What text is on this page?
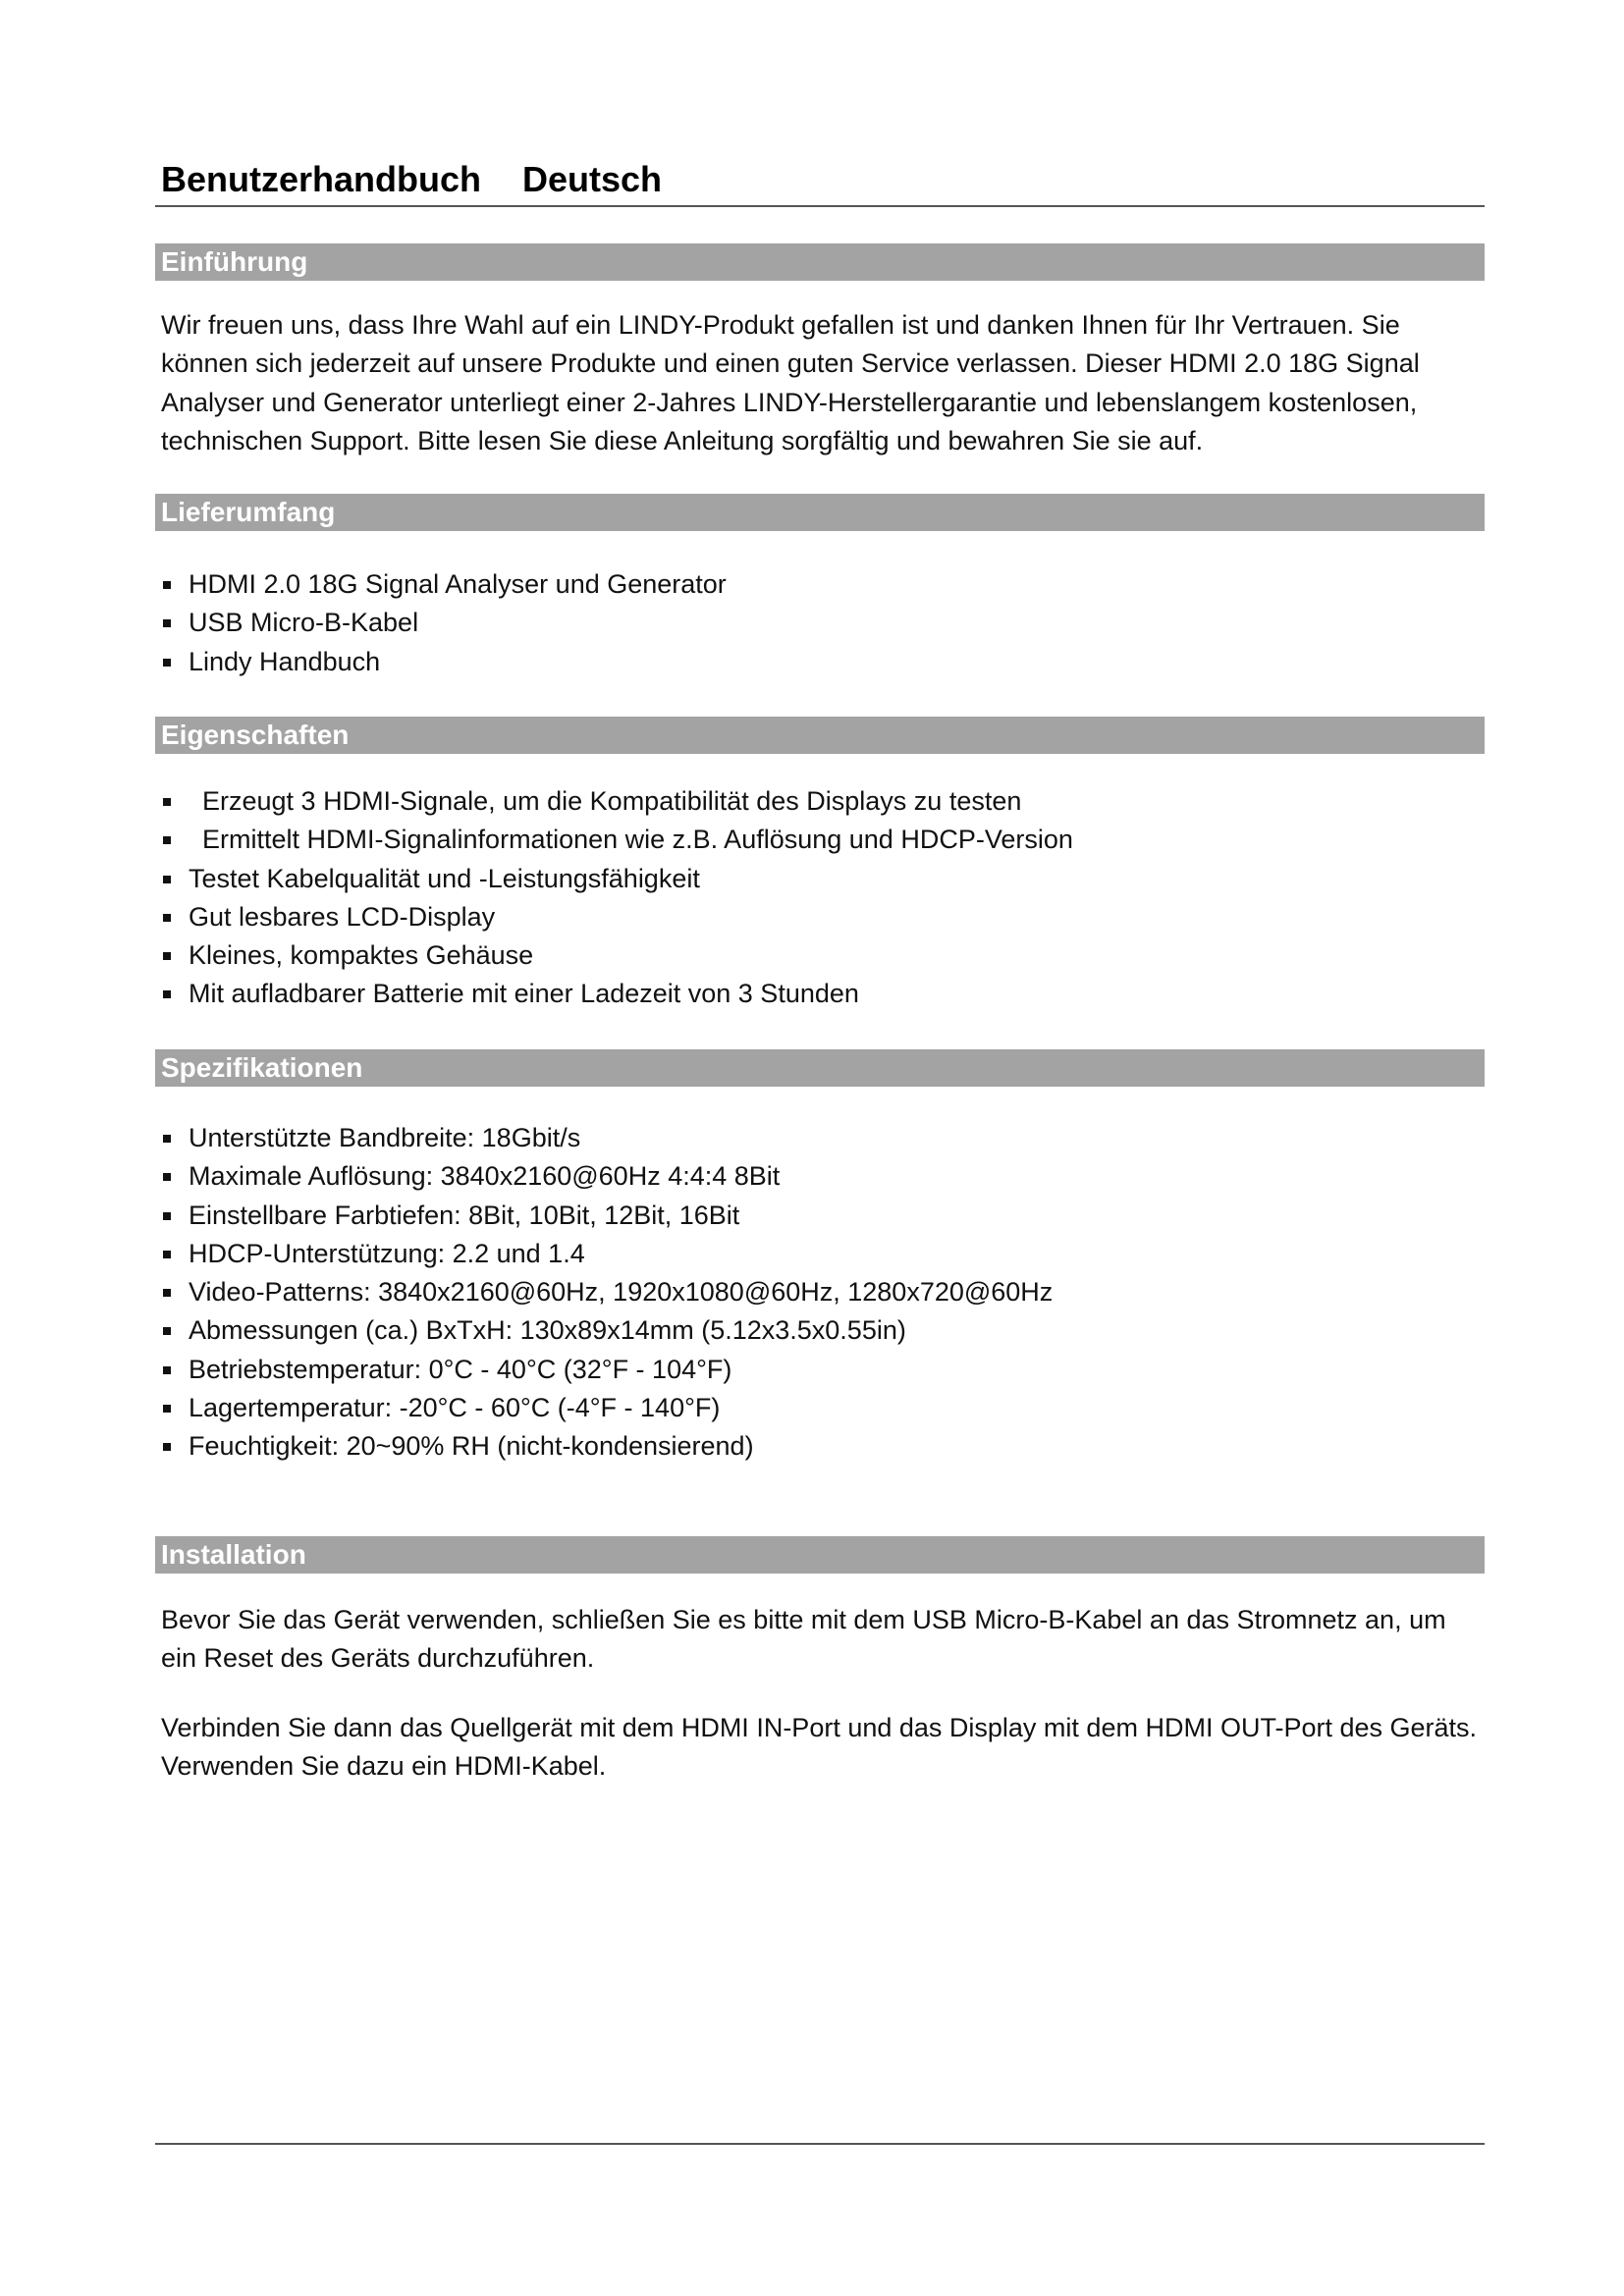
Benutzerhandbuch Deutsch
Einführung

Wir freuen uns, dass Ihre Wahl auf ein LINDY-Produkt gefallen ist und danken Ihnen für Ihr Vertrauen. Sie können sich jederzeit auf unsere Produkte und einen guten Service verlassen. Dieser HDMI 2.0 18G Signal Analyser und Generator unterliegt einer 2-Jahres LINDY-Herstellergarantie und lebenslangem kostenlosen, technischen Support. Bitte lesen Sie diese Anleitung sorgfältig und bewahren Sie sie auf.

Lieferumfang
HDMI 2.0 18G Signal Analyser und Generator
USB Micro-B-Kabel
Lindy Handbuch
Eigenschaften
Erzeugt 3 HDMI-Signale, um die Kompatibilität des Displays zu testen
Ermittelt HDMI-Signalinformationen wie z.B. Auflösung und HDCP-Version
Testet Kabelqualität und -Leistungsfähigkeit
Gut lesbares LCD-Display
Kleines, kompaktes Gehäuse
Mit aufladbarer Batterie mit einer Ladezeit von 3 Stunden
Spezifikationen
Unterstützte Bandbreite: 18Gbit/s
Maximale Auflösung: 3840x2160@60Hz 4:4:4 8Bit
Einstellbare Farbtiefen: 8Bit, 10Bit, 12Bit, 16Bit
HDCP-Unterstützung: 2.2 und 1.4
Video-Patterns: 3840x2160@60Hz, 1920x1080@60Hz, 1280x720@60Hz
Abmessungen (ca.) BxTxH: 130x89x14mm (5.12x3.5x0.55in)
Betriebstemperatur: 0°C - 40°C (32°F - 104°F)
Lagertemperatur: -20°C - 60°C (-4°F - 140°F)
Feuchtigkeit: 20~90% RH (nicht-kondensierend)
Installation

Bevor Sie das Gerät verwenden, schließen Sie es bitte mit dem USB Micro-B-Kabel an das Stromnetz an, um ein Reset des Geräts durchzuführen.

Verbinden Sie dann das Quellgerät mit dem HDMI IN-Port und das Display mit dem HDMI OUT-Port des Geräts. Verwenden Sie dazu ein HDMI-Kabel.
